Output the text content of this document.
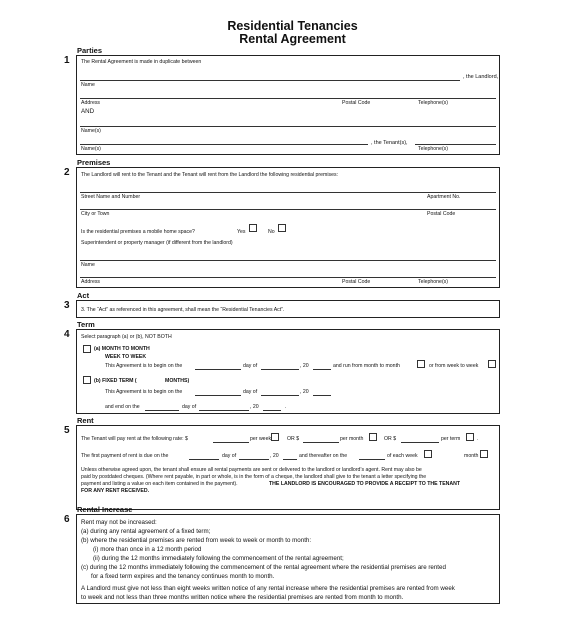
Residential Tenancies
Rental Agreement
Parties
1 The Rental Agreement is made in duplicate between
, the Landlord,
Name
Address	Postal Code	Telephone(s)
AND
Name(s)
, the Tenant(s),
Name(s)	Telephone(s)
Premises
2 The Landlord will rent to the Tenant and the Tenant will rent from the Landlord the following residential premises:
Street Name and Number	Apartment No.
City or Town	Postal Code
Is the residential premises a mobile home space?	Yes	No
Superintendent or property manager (if different from the landlord)
Name
Address	Postal Code	Telephone(s)
Act
3 3. The “Act” as referenced in this agreement, shall mean the “Residential Tenancies Act”.
Term
4 Select paragraph (a) or (b), NOT BOTH
(a) MONTH TO MONTH
WEEK TO WEEK
This Agreement is to begin on the	day of	, 20	and run from month to month	or from week to week
(b) FIXED TERM (	MONTHS)
This Agreement is to begin on the	day of	, 20
and end on the	day of	, 20	.
Rent
5
The Tenant will pay rent at the following rate: $	per week	OR $	per month	OR $	per term	.
The first payment of rent is due on the	day of	, 20	and thereafter on the	of each week	month
Unless otherwise agreed upon, the tenant shall ensure all rental payments are sent or delivered to the landlord or landlord’s agent. Rent may also be
paid by postdated cheques. (Where rent payable, in part or whole, is in the form of a cheque, the landlord shall give to the tenant a letter specifying the
payment and listing a value on each item contained in the payment).	THE LANDLORD IS ENCOURAGED TO PROVIDE A RECEIPT TO THE TENANT
FOR ANY RENT RECEIVED.
Rental Increase
6 Rent may not be increased:
(a) during any rental agreement of a fixed term;
(b) where the residential premises are rented from week to week or month to month:
(i) more than once in a 12 month period
(ii) during the 12 months immediately following the commencement of the rental agreement;
(c) during the 12 months immediately following the commencement of the rental agreement where the residential premises are rented
for a fixed term expires and the tenancy continues month to month.
A Landlord must give not less than eight weeks written notice of any rental increase where the residential premises are rented from week
to week and not less than three months written notice where the residential premises are rented from month to month.
